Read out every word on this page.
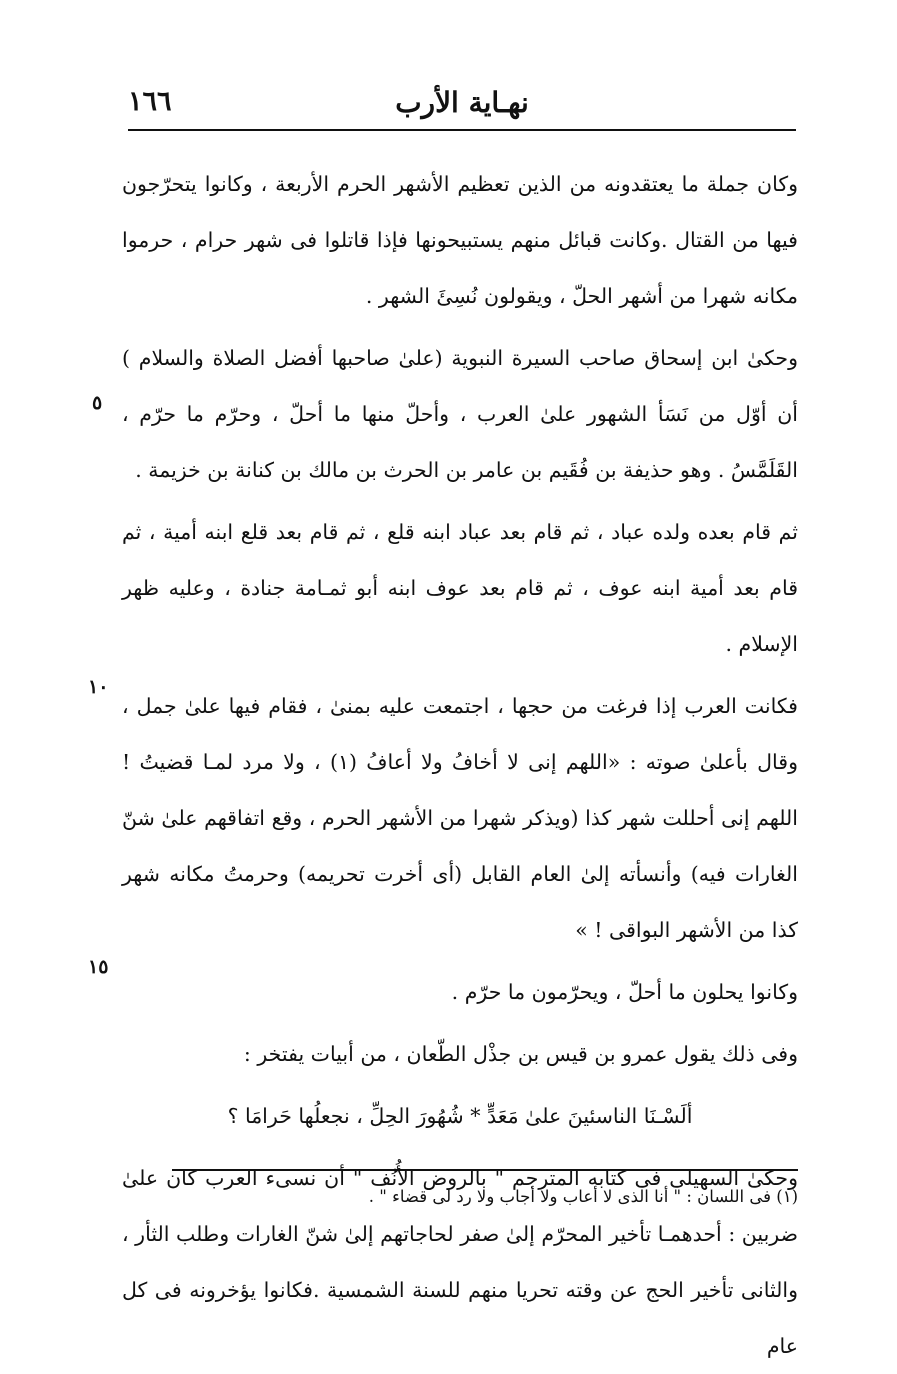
١٦٦	نهـاية الأرب

وكان جملة ما يعتقدونه من الذين تعظيم الأشهر الحرم الأربعة ، وكانوا يتحرّجون فيها من القتال .وكانت قبائل منهم يستبيحونها فإذا قاتلوا فى شهر حرام ، حرموا مكانه شهرا من أشهر الحلّ ، ويقولون نُسِئَ الشهر .

وحكىٰ ابن إسحاق صاحب السيرة النبوية (علىٰ صاحبها أفضل الصلاة والسلام ) أن أوّل من نَسَأ الشهور علىٰ العرب ، وأحلّ منها ما أحلّ ، وحرّم ما حرّم ، القَلَمَّسُ . وهو حذيفة بن فُقَيم بن عامر بن الحرث بن مالك بن كنانة بن خزيمة .

ثم قام بعده ولده عباد ، ثم قام بعد عباد ابنه قلع ، ثم قام بعد قلع ابنه أمية ، ثم قام بعد أمية ابنه عوف ، ثم قام بعد عوف ابنه أبو ثمـامة جنادة ، وعليه ظهر الإسلام .

فكانت العرب إذا فرغت من حجها ، اجتمعت عليه بمنىٰ ، فقام فيها علىٰ جمل ، وقال بأعلىٰ صوته : «اللهم إنى لا أخافُ ولا أعافُ (١) ، ولا مرد لمـا قضيتُ ! اللهم إنى أحللت شهر كذا (ويذكر شهرا من الأشهر الحرم ، وقع اتفاقهم علىٰ شنّ الغارات فيه) وأنسأته إلىٰ العام القابل (أى أخرت تحريمه) وحرمتُ مكانه شهر كذا من الأشهر البواقى ! »

وكانوا يحلون ما أحلّ ، ويحرّمون ما حرّم .

وفى ذلك يقول عمرو بن قيس بن جذْل الطّعان ، من أبيات يفتخر :

ألَسْـنَا الناسئينَ علىٰ مَعَدٍّ * شُهُورَ الحِلِّ ، نجعلُها حَرامَا ؟

وحكىٰ السهيلى فى كتابه المترجم " بالروض الأُنُف " أن نسىء العرب كان علىٰ ضربين : أحدهمـا تأخير المحرّم إلىٰ صفر لحاجاتهم إلىٰ شنّ الغارات وطلب الثأر ، والثانى تأخير الحج عن وقته تحريا منهم للسنة الشمسية .فكانوا يؤخرونه فى كل عام

٥
١٠
١٥
(١) فى اللسان : " أنا الذى لا أعاب ولا أجاب ولا رد لى قضاء " .
